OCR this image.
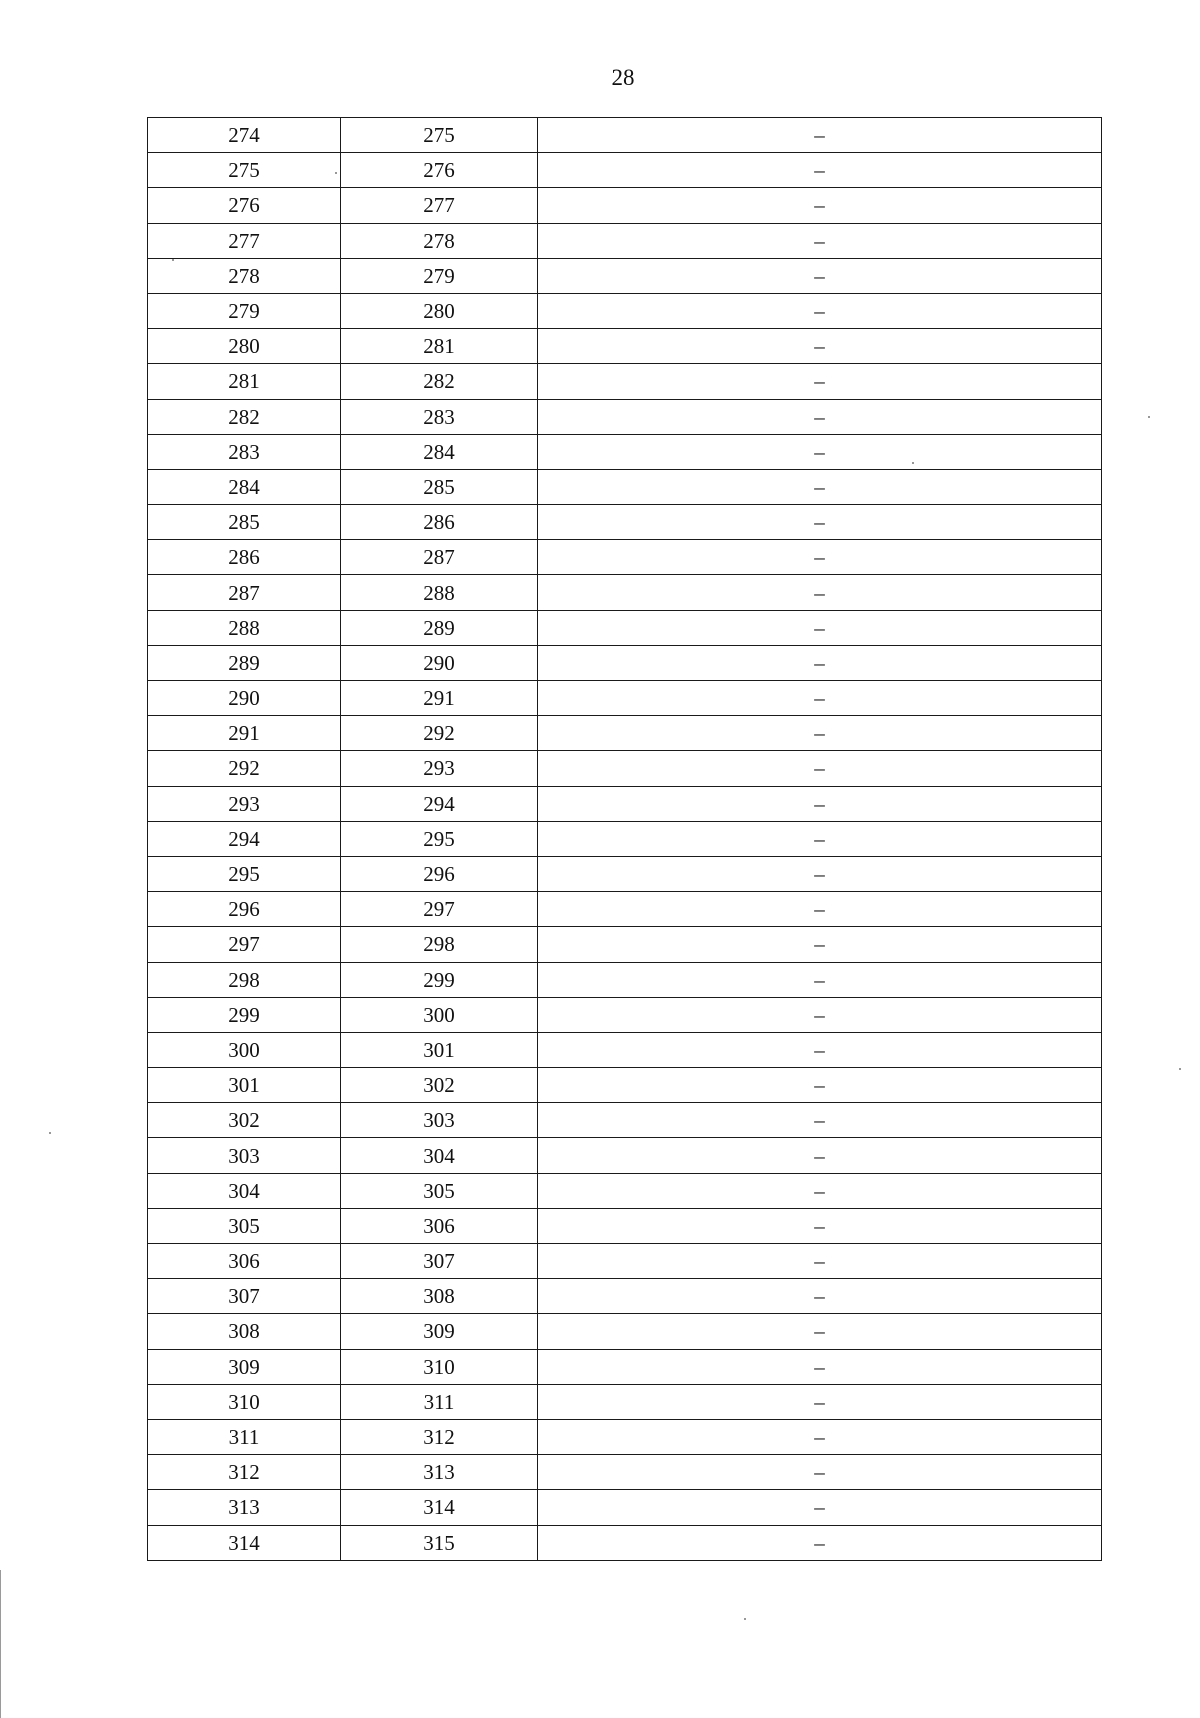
28
274	275	–
275	276	–
276	277	–
277	278	–
278	279	–
279	280	–
280	281	–
281	282	–
282	283	–
283	284	–
284	285	–
285	286	–
286	287	–
287	288	–
288	289	–
289	290	–
290	291	–
291	292	–
292	293	–
293	294	–
294	295	–
295	296	–
296	297	–
297	298	–
298	299	–
299	300	–
300	301	–
301	302	–
302	303	–
303	304	–
304	305	–
305	306	–
306	307	–
307	308	–
308	309	–
309	310	–
310	311	–
311	312	–
312	313	–
313	314	–
314	315	–
